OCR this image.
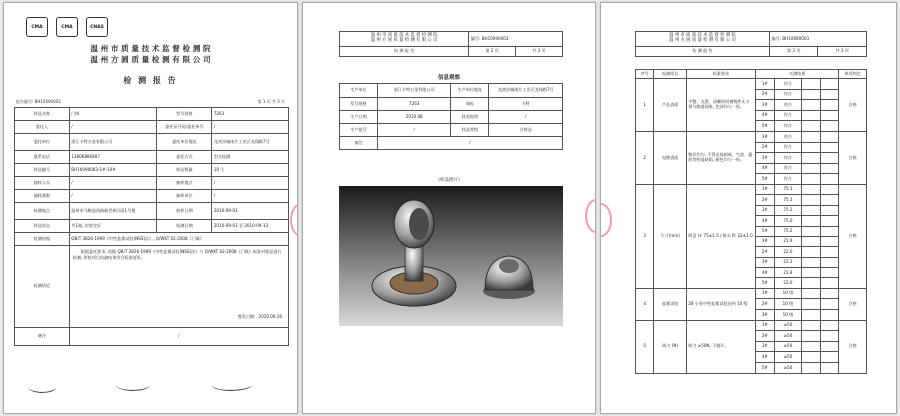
CMA	CMA	CNAS
温 州 市 质 量 技 术 监 督 检 测 院
温 州 方 圆 质 量 检 测 有 限 公 司
检 测 报 告
报告编号: BH10090003	第 1 页 共 3 页
样品名称	门吸	型号规格	7263
委托人	/	委托证号码/委托单号	/
委托单位	浙江卡特五金有限公司	委托单位地址	龙湾沙城南片工业区龙翔路7号
联系电话	13806886897	委托方式	型式检测
样品编号	BH10090003-1#-10#	样品数量	10 个
抽样人员	/	抽样地点	/
抽样基数	/	抽样单位	/
检测地点	温州市马鞍池西路新世界区园1号楼	收样日期	2010-09-03
样品状态	共1箱, 封装完好	检测日期	2010-09-03 至 2010-09-13
检测依据	QB/T 3826-1999《中性盐雾试验(NSS)法》, Q/WKT 02-2008《门吸》		
检测结论	根据委托要求, 依据 QB/T 3826-1999《中性盐雾试验(NSS)法》与 Q/WKT 02-2008《门吸》标准对样品进行检测, 所检项目检测结果符合标准要求。
签发日期: 2010.09.16		

备注	/		
温 州 市 质 量 技 术 监 督 检 测 院
温 州 方 圆 质 量 检 测 有 限 公 司	编号: BH10090003	
检 测 报 告	第 2 页	共 3 页
信息观察
生产单位	浙江卡特五金有限公司	生产单位地址	龙湾沙城南片工业区龙翔路7号
型号规格	7263	商标	卡特
生产日期	2010.08	样品级别	/
生产批号	/	样品等级	合格品
备注	/		
(样品照片)
温 州 市 质 量 技 术 监 督 检 测 院
温 州 方 圆 质 量 检 测 有 限 公 司	编号: BH10090003	
检 测 报 告	第 3 页	共 3 页
序号	检测项目	标准要求	实测结果				单项判定
1	产品表面	平整、光滑、清晰时同钢铸件无卡现与脱落现象, 色泽均匀一致。	1#	符合			合格
			2#	符合			
			3#	符合			
			4#	符合			
			5#	符合			
2	电镀表面	镀层均匀, 不得出现剥离、气泡、露底等明显缺陷, 颜色均匀一致。	1#	符合			合格
			2#	符合			
			3#	符合			
			4#	符合			
			5#	符合			
3	尺寸(mm)	吸盘 H: 75±1.5 / 吸头 R: 22±1.0	1#	75.1			合格
			2#	75.3			
			3#	75.2			
			4#	75.0			
			5#	75.2			
			1#	21.9			
			2#	22.0			
			3#	22.1			
			4#	21.8			
			5#	22.0			
4	盐雾试验	28 小时中性盐雾试验达到 10 级	1#	10 级			合格
			2#	10 级			
			3#	10 级			
5	吸力 (N)	吸力 ≥50N, 不脱开。	1#	≥50			合格
			2#	≥50			
			3#	≥50			
			4#	≥50			
			5#	≥50			
